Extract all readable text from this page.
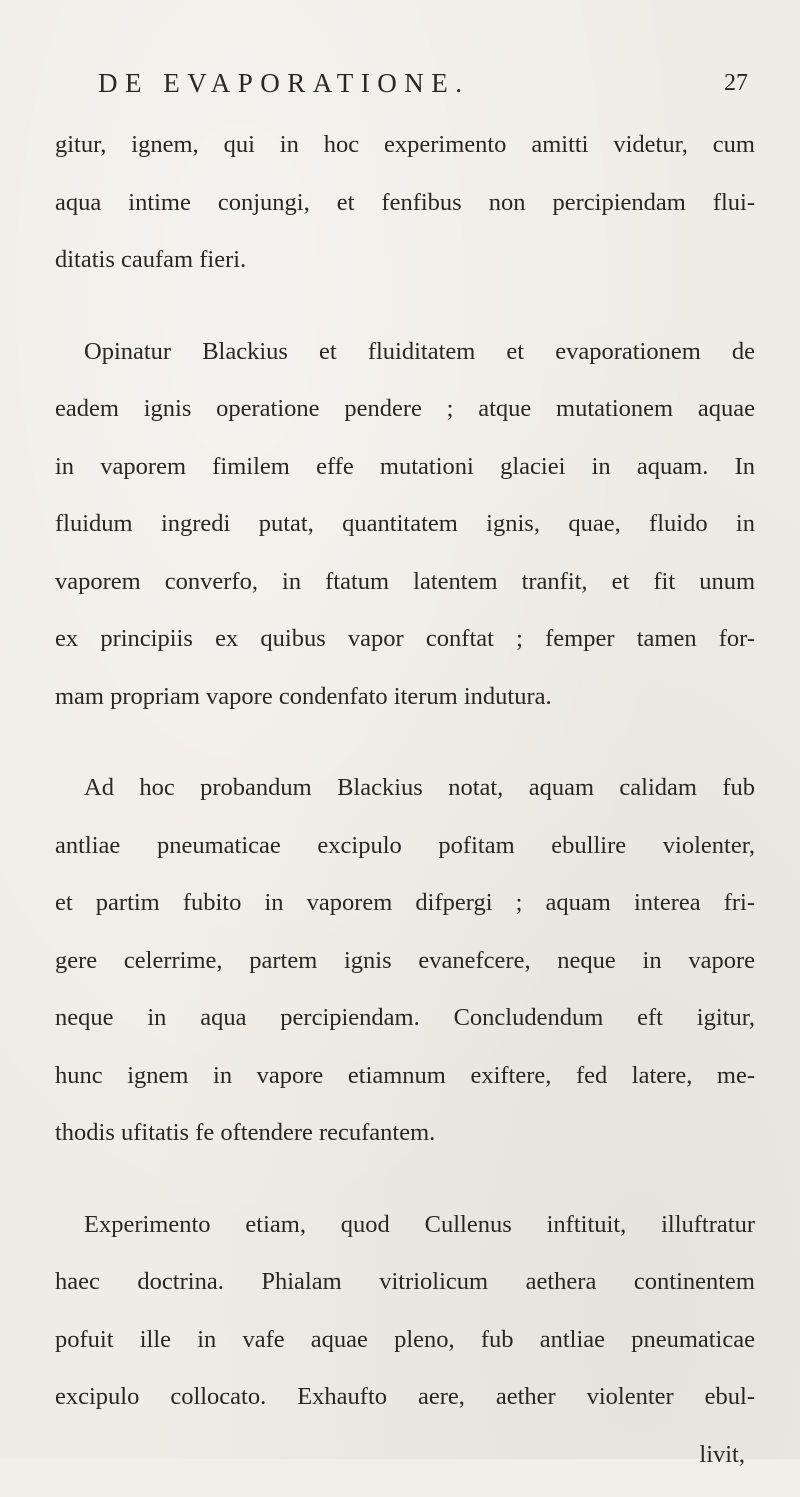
DE EVAPORATIONE.	27
gitur, ignem, qui in hoc experimento amitti videtur, cum
aqua intime conjungi, et fenfibus non percipiendam flui-
ditatis caufam fieri.
Opinatur Blackius et fluiditatem et evaporationem de
eadem ignis operatione pendere ; atque mutationem aquae
in vaporem fimilem effe mutationi glaciei in aquam. In
fluidum ingredi putat, quantitatem ignis, quae, fluido in
vaporem converfo, in ftatum latentem tranfit, et fit unum
ex principiis ex quibus vapor conftat ; femper tamen for-
mam propriam vapore condenfato iterum indutura.
Ad hoc probandum Blackius notat, aquam calidam fub
antliae pneumaticae excipulo pofitam ebullire violenter,
et partim fubito in vaporem difpergi ; aquam interea fri-
gere celerrime, partem ignis evanefcere, neque in vapore
neque in aqua percipiendam. Concludendum eft igitur,
hunc ignem in vapore etiamnum exiftere, fed latere, me-
thodis ufitatis fe oftendere recufantem.
Experimento etiam, quod Cullenus inftituit, illuftratur
haec doctrina. Phialam vitriolicum aethera continentem
pofuit ille in vafe aquae pleno, fub antliae pneumaticae
excipulo collocato. Exhaufto aere, aether violenter ebul-
livit,
